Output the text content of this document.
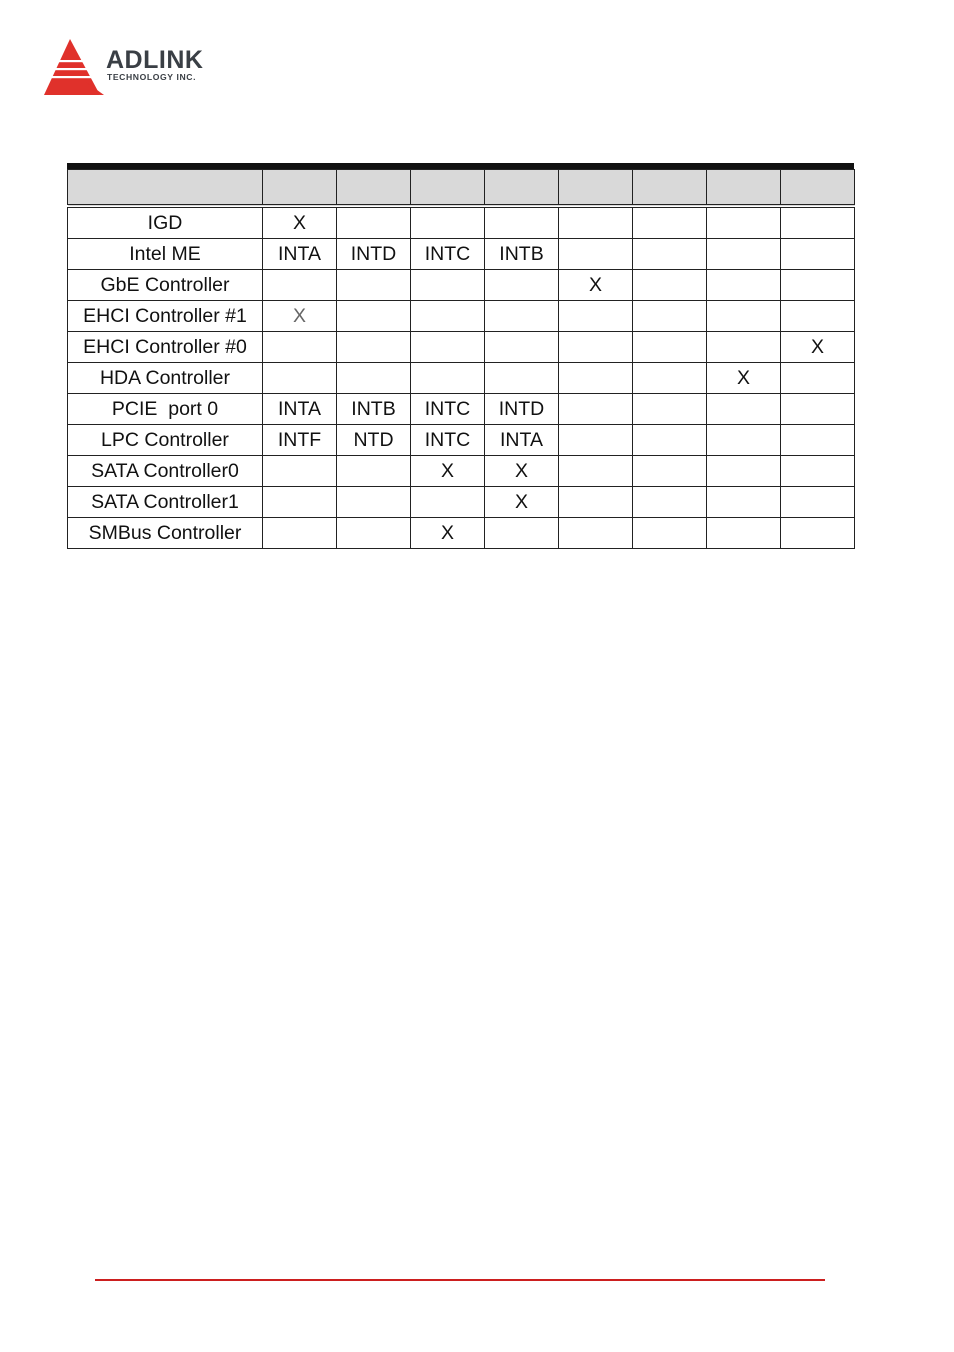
ADLINK
TECHNOLOGY INC.

IGD	X							
Intel ME	INTA	INTD	INTC	INTB				
GbE Controller					X			
EHCI Controller #1	X							
EHCI Controller #0								X
HDA Controller							X	
PCIE  port 0	INTA	INTB	INTC	INTD				
LPC Controller	INTF	NTD	INTC	INTA				
SATA Controller0			X	X				
SATA Controller1				X				
SMBus Controller			X					
